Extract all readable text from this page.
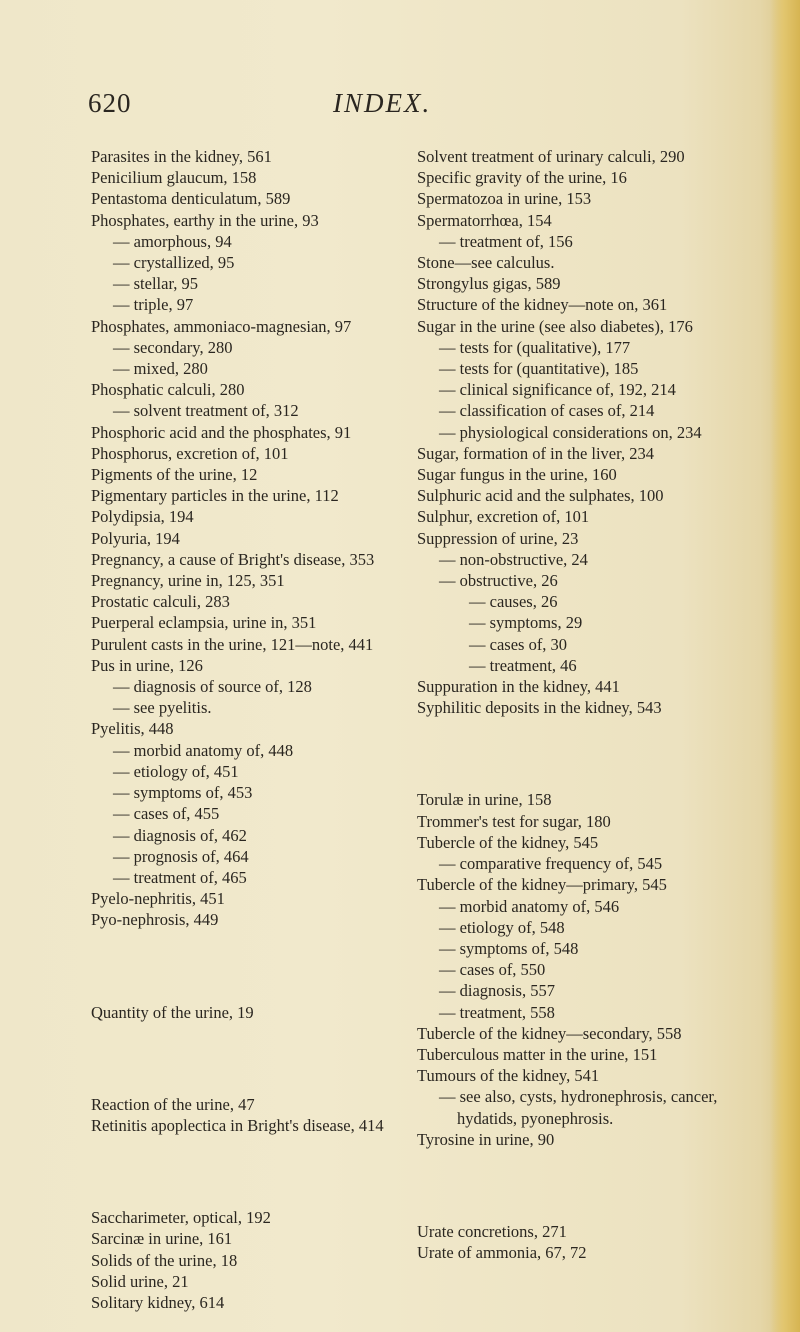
620	INDEX.

Parasites in the kidney, 561

Penicilium glaucum, 158

Pentastoma denticulatum, 589

Phosphates, earthy in the urine, 93

— amorphous, 94

— crystallized, 95

— stellar, 95

— triple, 97

Phosphates, ammoniaco-magnesian, 97

— secondary, 280

— mixed, 280

Phosphatic calculi, 280

— solvent treatment of, 312

Phosphoric acid and the phosphates, 91

Phosphorus, excretion of, 101

Pigments of the urine, 12

Pigmentary particles in the urine, 112

Polydipsia, 194

Polyuria, 194

Pregnancy, a cause of Bright's disease, 353

Pregnancy, urine in, 125, 351

Prostatic calculi, 283

Puerperal eclampsia, urine in, 351

Purulent casts in the urine, 121—note, 441

Pus in urine, 126

— diagnosis of source of, 128

— see pyelitis.

Pyelitis, 448

— morbid anatomy of, 448

— etiology of, 451

— symptoms of, 453

— cases of, 455

— diagnosis of, 462

— prognosis of, 464

— treatment of, 465

Pyelo-nephritis, 451

Pyo-nephrosis, 449

Quantity of the urine, 19

Reaction of the urine, 47

Retinitis apoplectica in Bright's disease, 414

Saccharimeter, optical, 192

Sarcinæ in urine, 161

Solids of the urine, 18

Solid urine, 21

Solitary kidney, 614

Solvent treatment of urinary calculi, 290

Specific gravity of the urine, 16

Spermatozoa in urine, 153

Spermatorrhœa, 154

— treatment of, 156

Stone—see calculus.

Strongylus gigas, 589

Structure of the kidney—note on, 361

Sugar in the urine (see also diabetes), 176

— tests for (qualitative), 177

— tests for (quantitative), 185

— clinical significance of, 192, 214

— classification of cases of, 214

— physiological considerations on, 234

Sugar, formation of in the liver, 234

Sugar fungus in the urine, 160

Sulphuric acid and the sulphates, 100

Sulphur, excretion of, 101

Suppression of urine, 23

— non-obstructive, 24

— obstructive, 26

— causes, 26

— symptoms, 29

— cases of, 30

— treatment, 46

Suppuration in the kidney, 441

Syphilitic deposits in the kidney, 543

Torulæ in urine, 158

Trommer's test for sugar, 180

Tubercle of the kidney, 545

— comparative frequency of, 545

Tubercle of the kidney—primary, 545

— morbid anatomy of, 546

— etiology of, 548

— symptoms of, 548

— cases of, 550

— diagnosis, 557

— treatment, 558

Tubercle of the kidney—secondary, 558

Tuberculous matter in the urine, 151

Tumours of the kidney, 541

— see also, cysts, hydronephrosis, cancer, hydatids, pyonephrosis.

Tyrosine in urine, 90

Urate concretions, 271

Urate of ammonia, 67, 72
